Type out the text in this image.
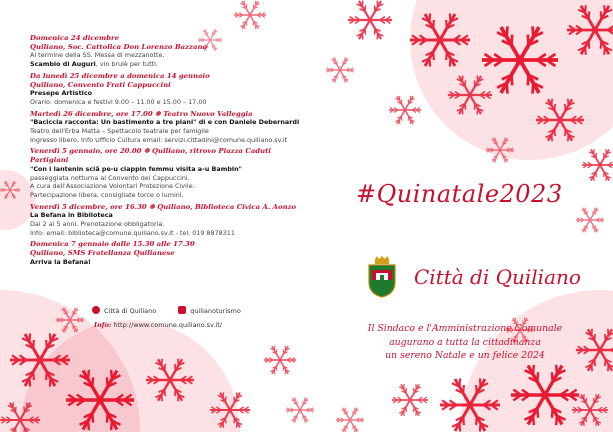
Domenica 24 dicembre
Quiliano, Soc. Cattolica Don Lorenzo Bazzano
Al termine della SS. Messa di mezzanotte,
Scambio di Auguri, vin brulè per tutti.
Da lunedì 25 dicembre a domenica 14 gennaio
Quiliano, Convento Frati Cappuccini
Presepe Artistico
Orario: domenica e festivi 9.00 – 11.00 e 15.00 – 17.00
Martedì 26 dicembre, ore 17.00 ❄ Teatro Nuovo Valleggia
"Baciccia racconta: Un bastimento a tre piani" di e con Daniele Debernardi
Teatro dell'Erba Matta – Spettacolo teatrale per famiglie
Ingresso libero, Info Ufficio Cultura email: servizi.cittadini@comune.quiliano.sv.it
Venerdì 5 gennaio, ore 20.00 ❄ Quiliano, ritrovo Piazza Caduti Partigiani
"Con i lantenin sciâ pe-u ciappin femmu visita a-u Bambin"
passeggiata notturna al Convento dei Cappuccini.
A cura dell'Associazione Volontari Protezione Civile.
Partecipazione libera, consigliate torce o lumini.
Venerdì 5 dicembre, ore 16.30 ❄ Quiliano, Biblioteca Civica A. Aonzo
La Befana in Biblioteca
Dai 2 ai 5 anni. Prenotazione obbligatoria.
Info: email: biblioteca@comune.quiliano.sv.it - tel. 019 8878311
Domenica 7 gennaio dalle 15.30 alle 17.30
Quiliano, SMS Fratellanza Quilianese
Arriva la Befana!
Città di Quiliano	quilianoturismo
Info: http://www.comune.quiliano.sv.it/
#Quinatale2023
Città di Quiliano
Il Sindaco e l'Amministrazione Comunale
augurano a tutta la cittadinanza
un sereno Natale e un felice 2024
